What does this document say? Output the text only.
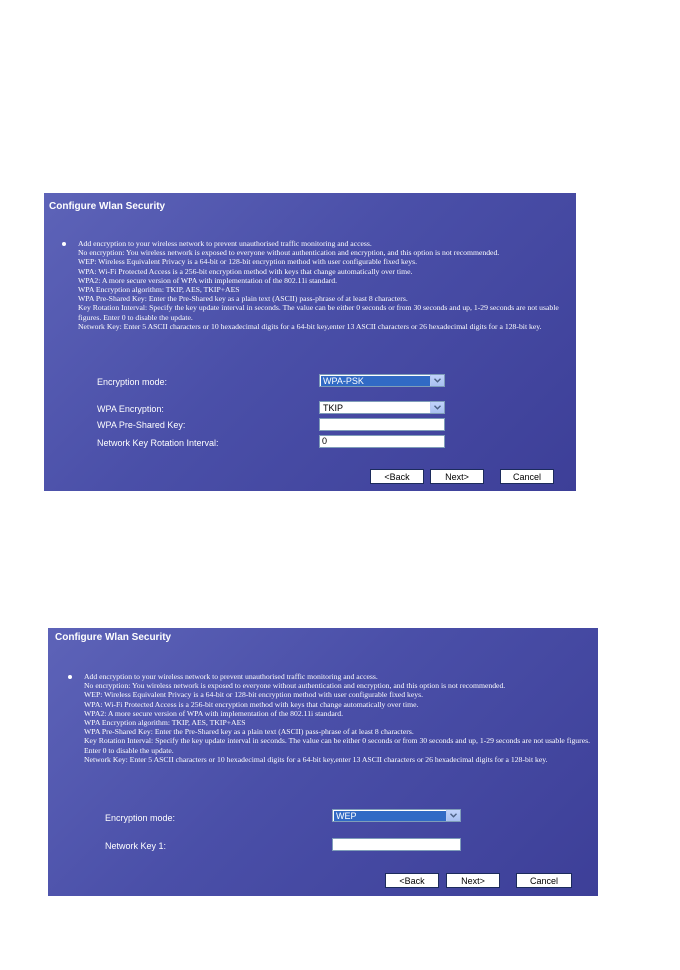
Configure Wlan Security
Add encryption to your wireless network to prevent unauthorised traffic monitoring and access.
No encryption: You wireless network is exposed to everyone without authentication and encryption, and this option is not recommended.
WEP: Wireless Equivalent Privacy is a 64-bit or 128-bit encryption method with user configurable fixed keys.
WPA: Wi-Fi Protected Access is a 256-bit encryption method with keys that change automatically over time.
WPA2: A more secure version of WPA with implementation of the 802.11i standard.
WPA Encryption algorithm: TKIP, AES, TKIP+AES
WPA Pre-Shared Key: Enter the Pre-Shared key as a plain text (ASCII) pass-phrase of at least 8 characters.
Key Rotation Interval: Specify the key update interval in seconds. The value can be either 0 seconds or from 30 seconds and up, 1-29 seconds are not usable figures. Enter 0 to disable the update.
Network Key: Enter 5 ASCII characters or 10 hexadecimal digits for a 64-bit key,enter 13 ASCII characters or 26 hexadecimal digits for a 128-bit key.
Encryption mode:	WPA-PSK
WPA Encryption:	TKIP
WPA Pre-Shared Key:
Network Key Rotation Interval:	0
<Back	Next>	Cancel
Configure Wlan Security
Add encryption to your wireless network to prevent unauthorised traffic monitoring and access.
No encryption: You wireless network is exposed to everyone without authentication and encryption, and this option is not recommended.
WEP: Wireless Equivalent Privacy is a 64-bit or 128-bit encryption method with user configurable fixed keys.
WPA: Wi-Fi Protected Access is a 256-bit encryption method with keys that change automatically over time.
WPA2: A more secure version of WPA with implementation of the 802.11i standard.
WPA Encryption algorithm: TKIP, AES, TKIP+AES
WPA Pre-Shared Key: Enter the Pre-Shared key as a plain text (ASCII) pass-phrase of at least 8 characters.
Key Rotation Interval: Specify the key update interval in seconds. The value can be either 0 seconds or from 30 seconds and up, 1-29 seconds are not usable figures. Enter 0 to disable the update.
Network Key: Enter 5 ASCII characters or 10 hexadecimal digits for a 64-bit key,enter 13 ASCII characters or 26 hexadecimal digits for a 128-bit key.
Encryption mode:	WEP
Network Key 1:
<Back	Next>	Cancel
